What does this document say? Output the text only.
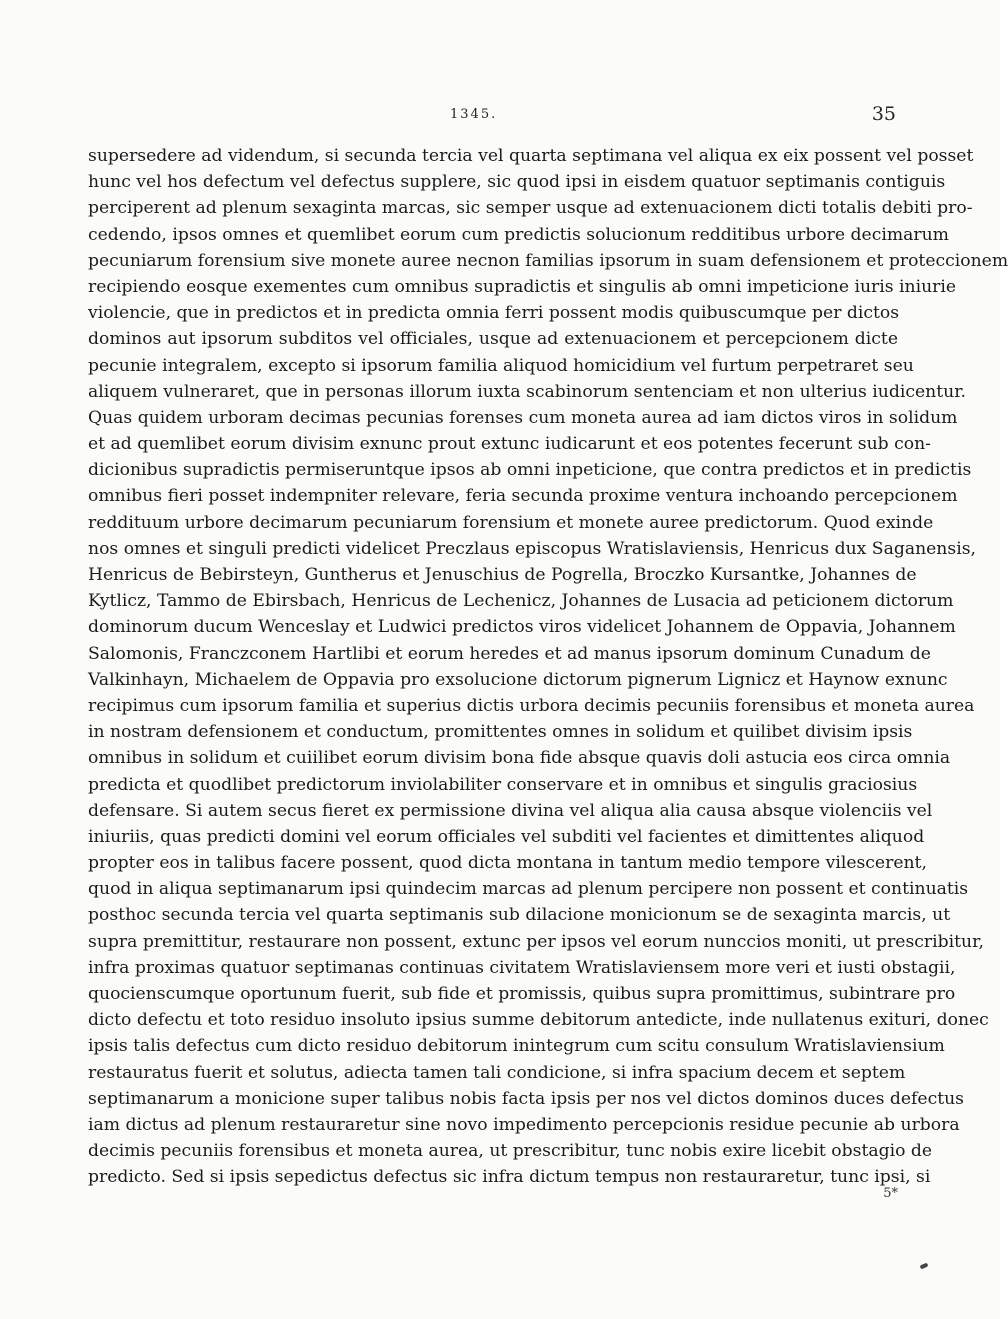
1345.	35
supersedere ad videndum, si secunda tercia vel quarta septimana vel aliqua ex eix possent vel posset
hunc vel hos defectum vel defectus supplere, sic quod ipsi in eisdem quatuor septimanis contiguis
perciperent ad plenum sexaginta marcas, sic semper usque ad extenuacionem dicti totalis debiti pro-
cedendo, ipsos omnes et quemlibet eorum cum predictis solucionum redditibus urbore decimarum
pecuniarum forensium sive monete auree necnon familias ipsorum in suam defensionem et proteccionem
recipiendo eosque exementes cum omnibus supradictis et singulis ab omni impeticione iuris iniurie
violencie, que in predictos et in predicta omnia ferri possent modis quibuscumque per dictos
dominos aut ipsorum subditos vel officiales, usque ad extenuacionem et percepcionem dicte
pecunie integralem, excepto si ipsorum familia aliquod homicidium vel furtum perpetraret seu
aliquem vulneraret, que in personas illorum iuxta scabinorum sentenciam et non ulterius iudicentur.
Quas quidem urboram decimas pecunias forenses cum moneta aurea ad iam dictos viros in solidum
et ad quemlibet eorum divisim exnunc prout extunc iudicarunt et eos potentes fecerunt sub con-
dicionibus supradictis permiseruntque ipsos ab omni inpeticione, que contra predictos et in predictis
omnibus fieri posset indempniter relevare, feria secunda proxime ventura inchoando percepcionem
reddituum urbore decimarum pecuniarum forensium et monete auree predictorum. Quod exinde
nos omnes et singuli predicti videlicet Preczlaus episcopus Wratislaviensis, Henricus dux Saganensis,
Henricus de Bebirsteyn, Guntherus et Jenuschius de Pogrella, Broczko Kursantke, Johannes de
Kytlicz, Tammo de Ebirsbach, Henricus de Lechenicz, Johannes de Lusacia ad peticionem dictorum
dominorum ducum Wenceslay et Ludwici predictos viros videlicet Johannem de Oppavia, Johannem
Salomonis, Franczconem Hartlibi et eorum heredes et ad manus ipsorum dominum Cunadum de
Valkinhayn, Michaelem de Oppavia pro exsolucione dictorum pignerum Lignicz et Haynow exnunc
recipimus cum ipsorum familia et superius dictis urbora decimis pecuniis forensibus et moneta aurea
in nostram defensionem et conductum, promittentes omnes in solidum et quilibet divisim ipsis
omnibus in solidum et cuiilibet eorum divisim bona fide absque quavis doli astucia eos circa omnia
predicta et quodlibet predictorum inviolabiliter conservare et in omnibus et singulis graciosius
defensare. Si autem secus fieret ex permissione divina vel aliqua alia causa absque violenciis vel
iniuriis, quas predicti domini vel eorum officiales vel subditi vel facientes et dimittentes aliquod
propter eos in talibus facere possent, quod dicta montana in tantum medio tempore vilescerent,
quod in aliqua septimanarum ipsi quindecim marcas ad plenum percipere non possent et continuatis
posthoc secunda tercia vel quarta septimanis sub dilacione monicionum se de sexaginta marcis, ut
supra premittitur, restaurare non possent, extunc per ipsos vel eorum nunccios moniti, ut prescribitur,
infra proximas quatuor septimanas continuas civitatem Wratislaviensem more veri et iusti obstagii,
quocienscumque oportunum fuerit, sub fide et promissis, quibus supra promittimus, subintrare pro
dicto defectu et toto residuo insoluto ipsius summe debitorum antedicte, inde nullatenus exituri, donec
ipsis talis defectus cum dicto residuo debitorum inintegrum cum scitu consulum Wratislaviensium
restauratus fuerit et solutus, adiecta tamen tali condicione, si infra spacium decem et septem
septimanarum a monicione super talibus nobis facta ipsis per nos vel dictos dominos duces defectus
iam dictus ad plenum restauraretur sine novo impedimento percepcionis residue pecunie ab urbora
decimis pecuniis forensibus et moneta aurea, ut prescribitur, tunc nobis exire licebit obstagio de
predicto. Sed si ipsis sepedictus defectus sic infra dictum tempus non restauraretur, tunc ipsi, si
5*
